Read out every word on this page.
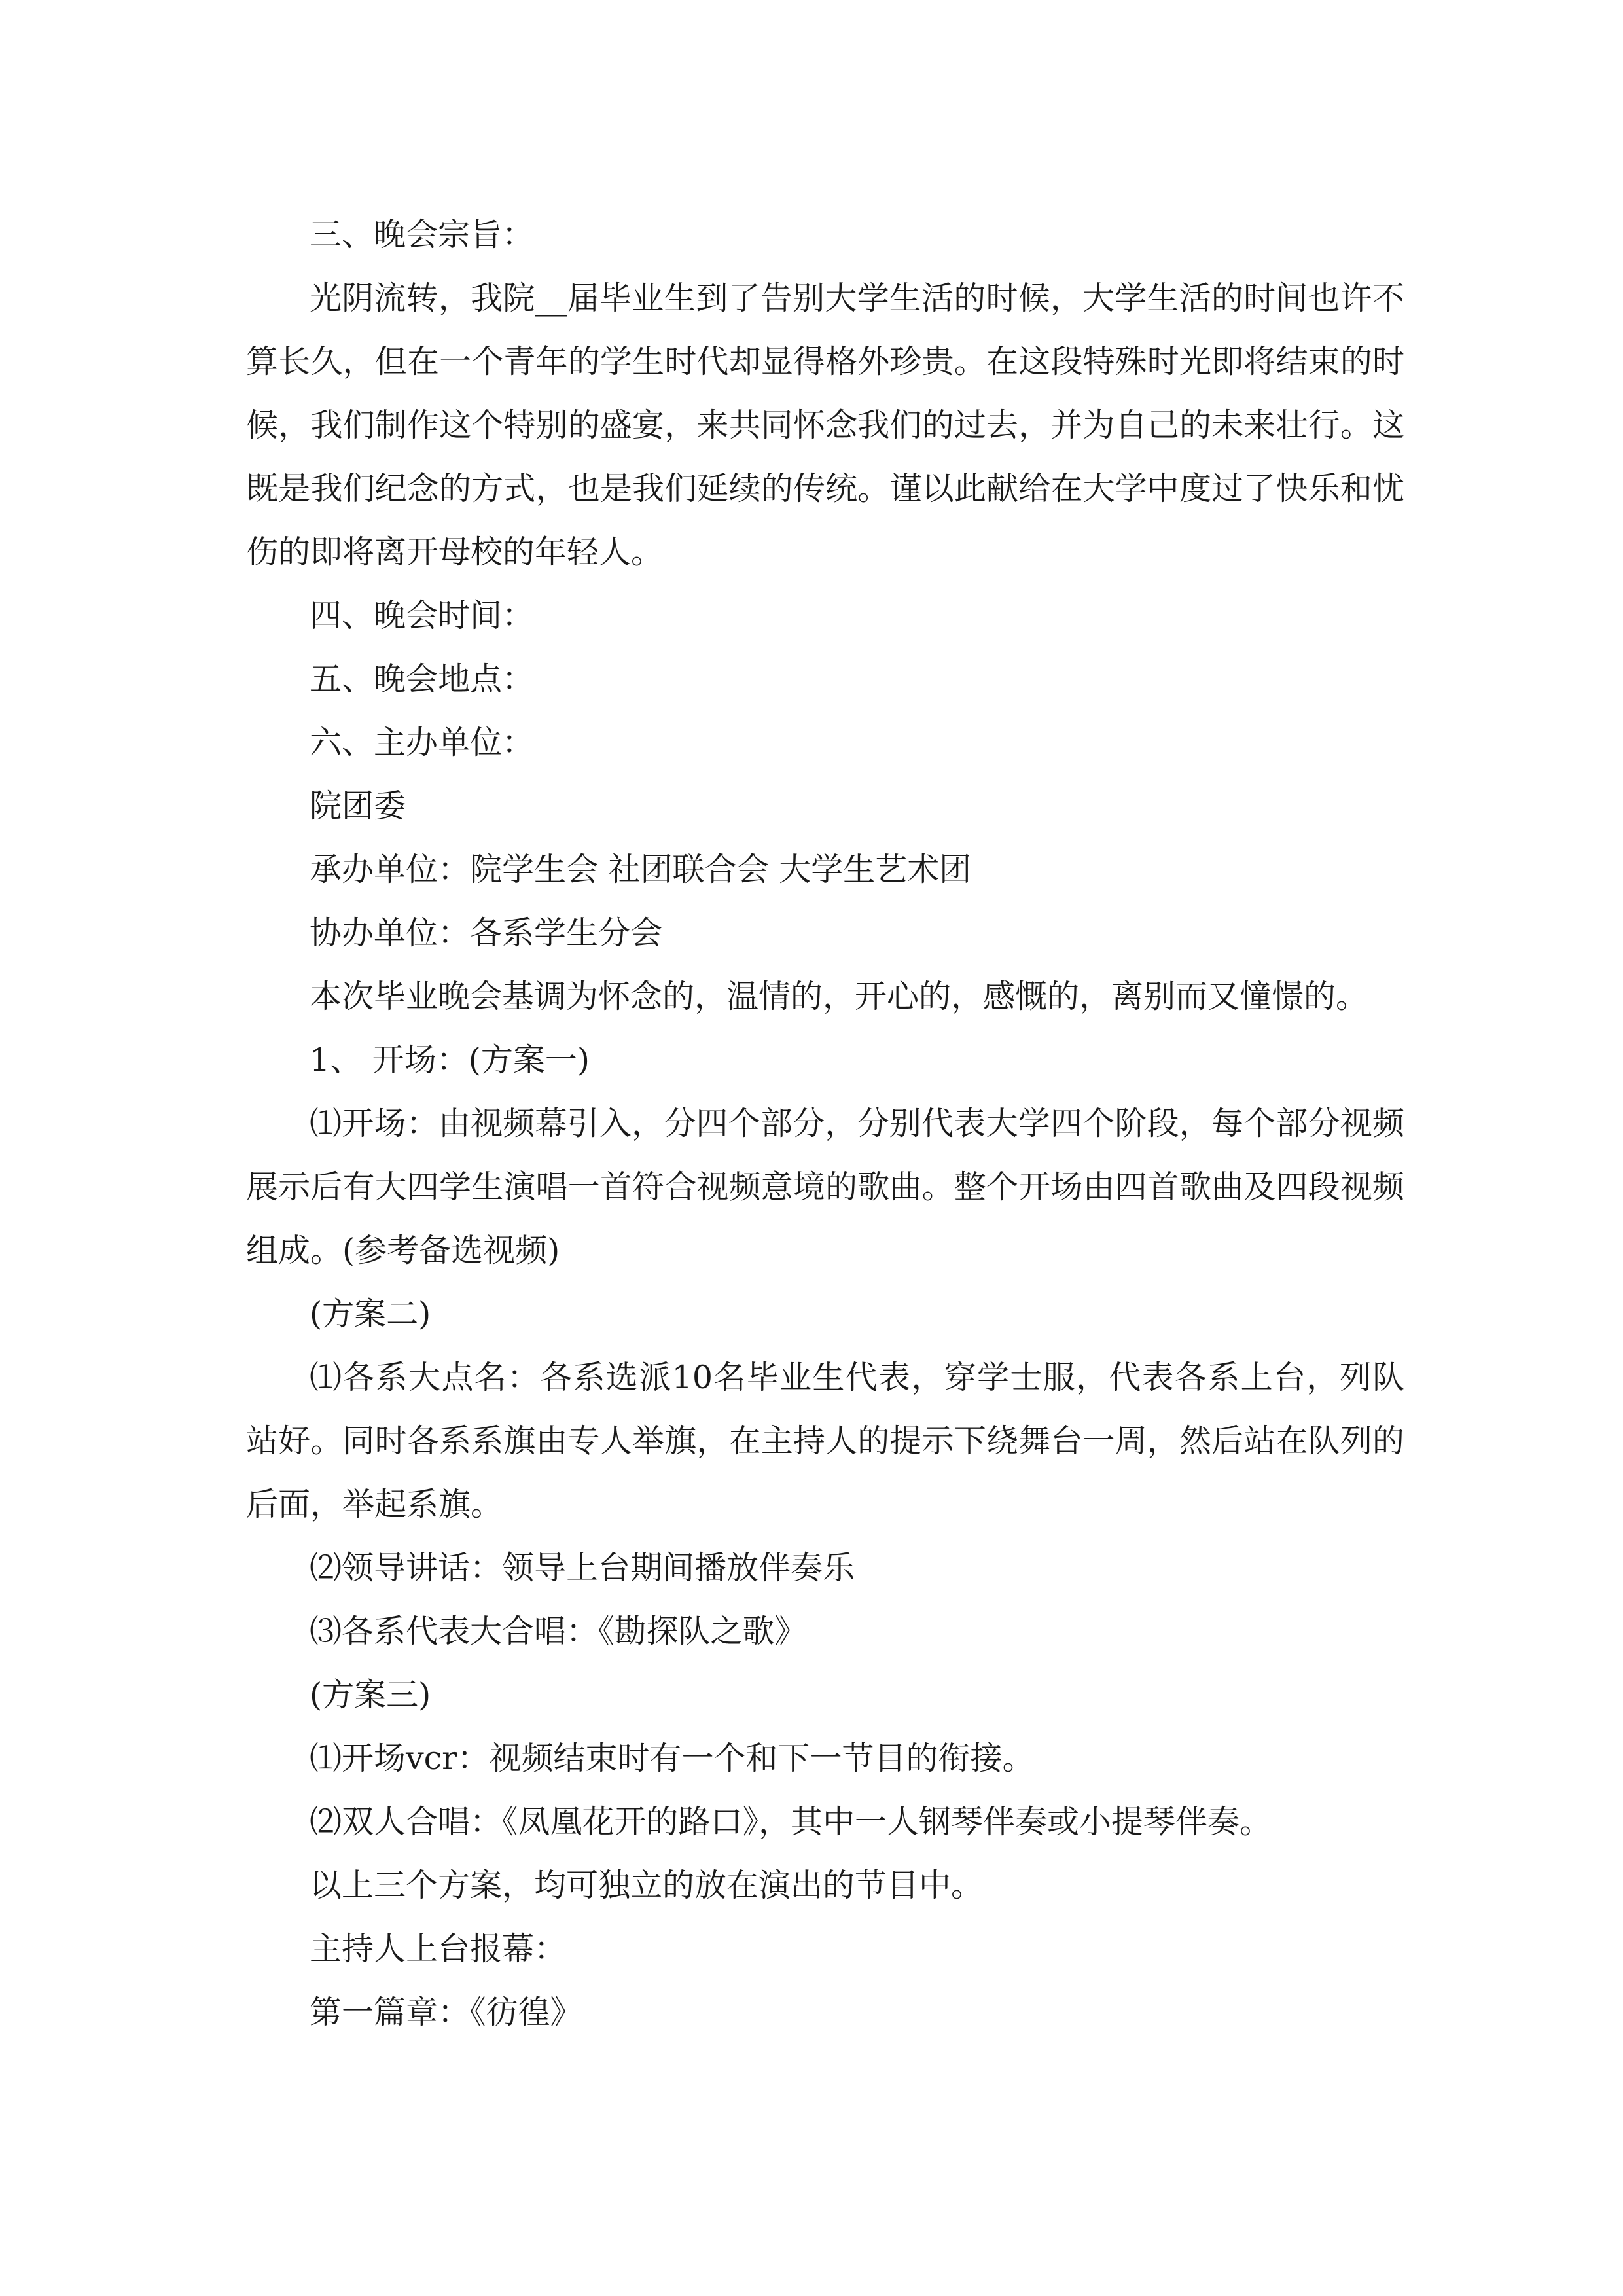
三、晚会宗旨：

光阴流转，我院__届毕业生到了告别大学生活的时候，大学生活的时间也许不算长久，但在一个青年的学生时代却显得格外珍贵。在这段特殊时光即将结束的时候，我们制作这个特别的盛宴，来共同怀念我们的过去，并为自己的未来壮行。这既是我们纪念的方式，也是我们延续的传统。谨以此献给在大学中度过了快乐和忧伤的即将离开母校的年轻人。

四、晚会时间：

五、晚会地点：

六、主办单位：

院团委

承办单位：院学生会 社团联合会 大学生艺术团

协办单位：各系学生分会

本次毕业晚会基调为怀念的，温情的，开心的，感慨的，离别而又憧憬的。

1、 开场：(方案一)

⑴开场：由视频幕引入，分四个部分，分别代表大学四个阶段，每个部分视频展示后有大四学生演唱一首符合视频意境的歌曲。整个开场由四首歌曲及四段视频组成。(参考备选视频)

(方案二)

⑴各系大点名：各系选派10名毕业生代表，穿学士服，代表各系上台，列队站好。同时各系系旗由专人举旗，在主持人的提示下绕舞台一周，然后站在队列的后面，举起系旗。

⑵领导讲话：领导上台期间播放伴奏乐

⑶各系代表大合唱：《勘探队之歌》

(方案三)

⑴开场vcr：视频结束时有一个和下一节目的衔接。

⑵双人合唱：《凤凰花开的路口》，其中一人钢琴伴奏或小提琴伴奏。

以上三个方案，均可独立的放在演出的节目中。

主持人上台报幕：

第一篇章：《彷徨》
